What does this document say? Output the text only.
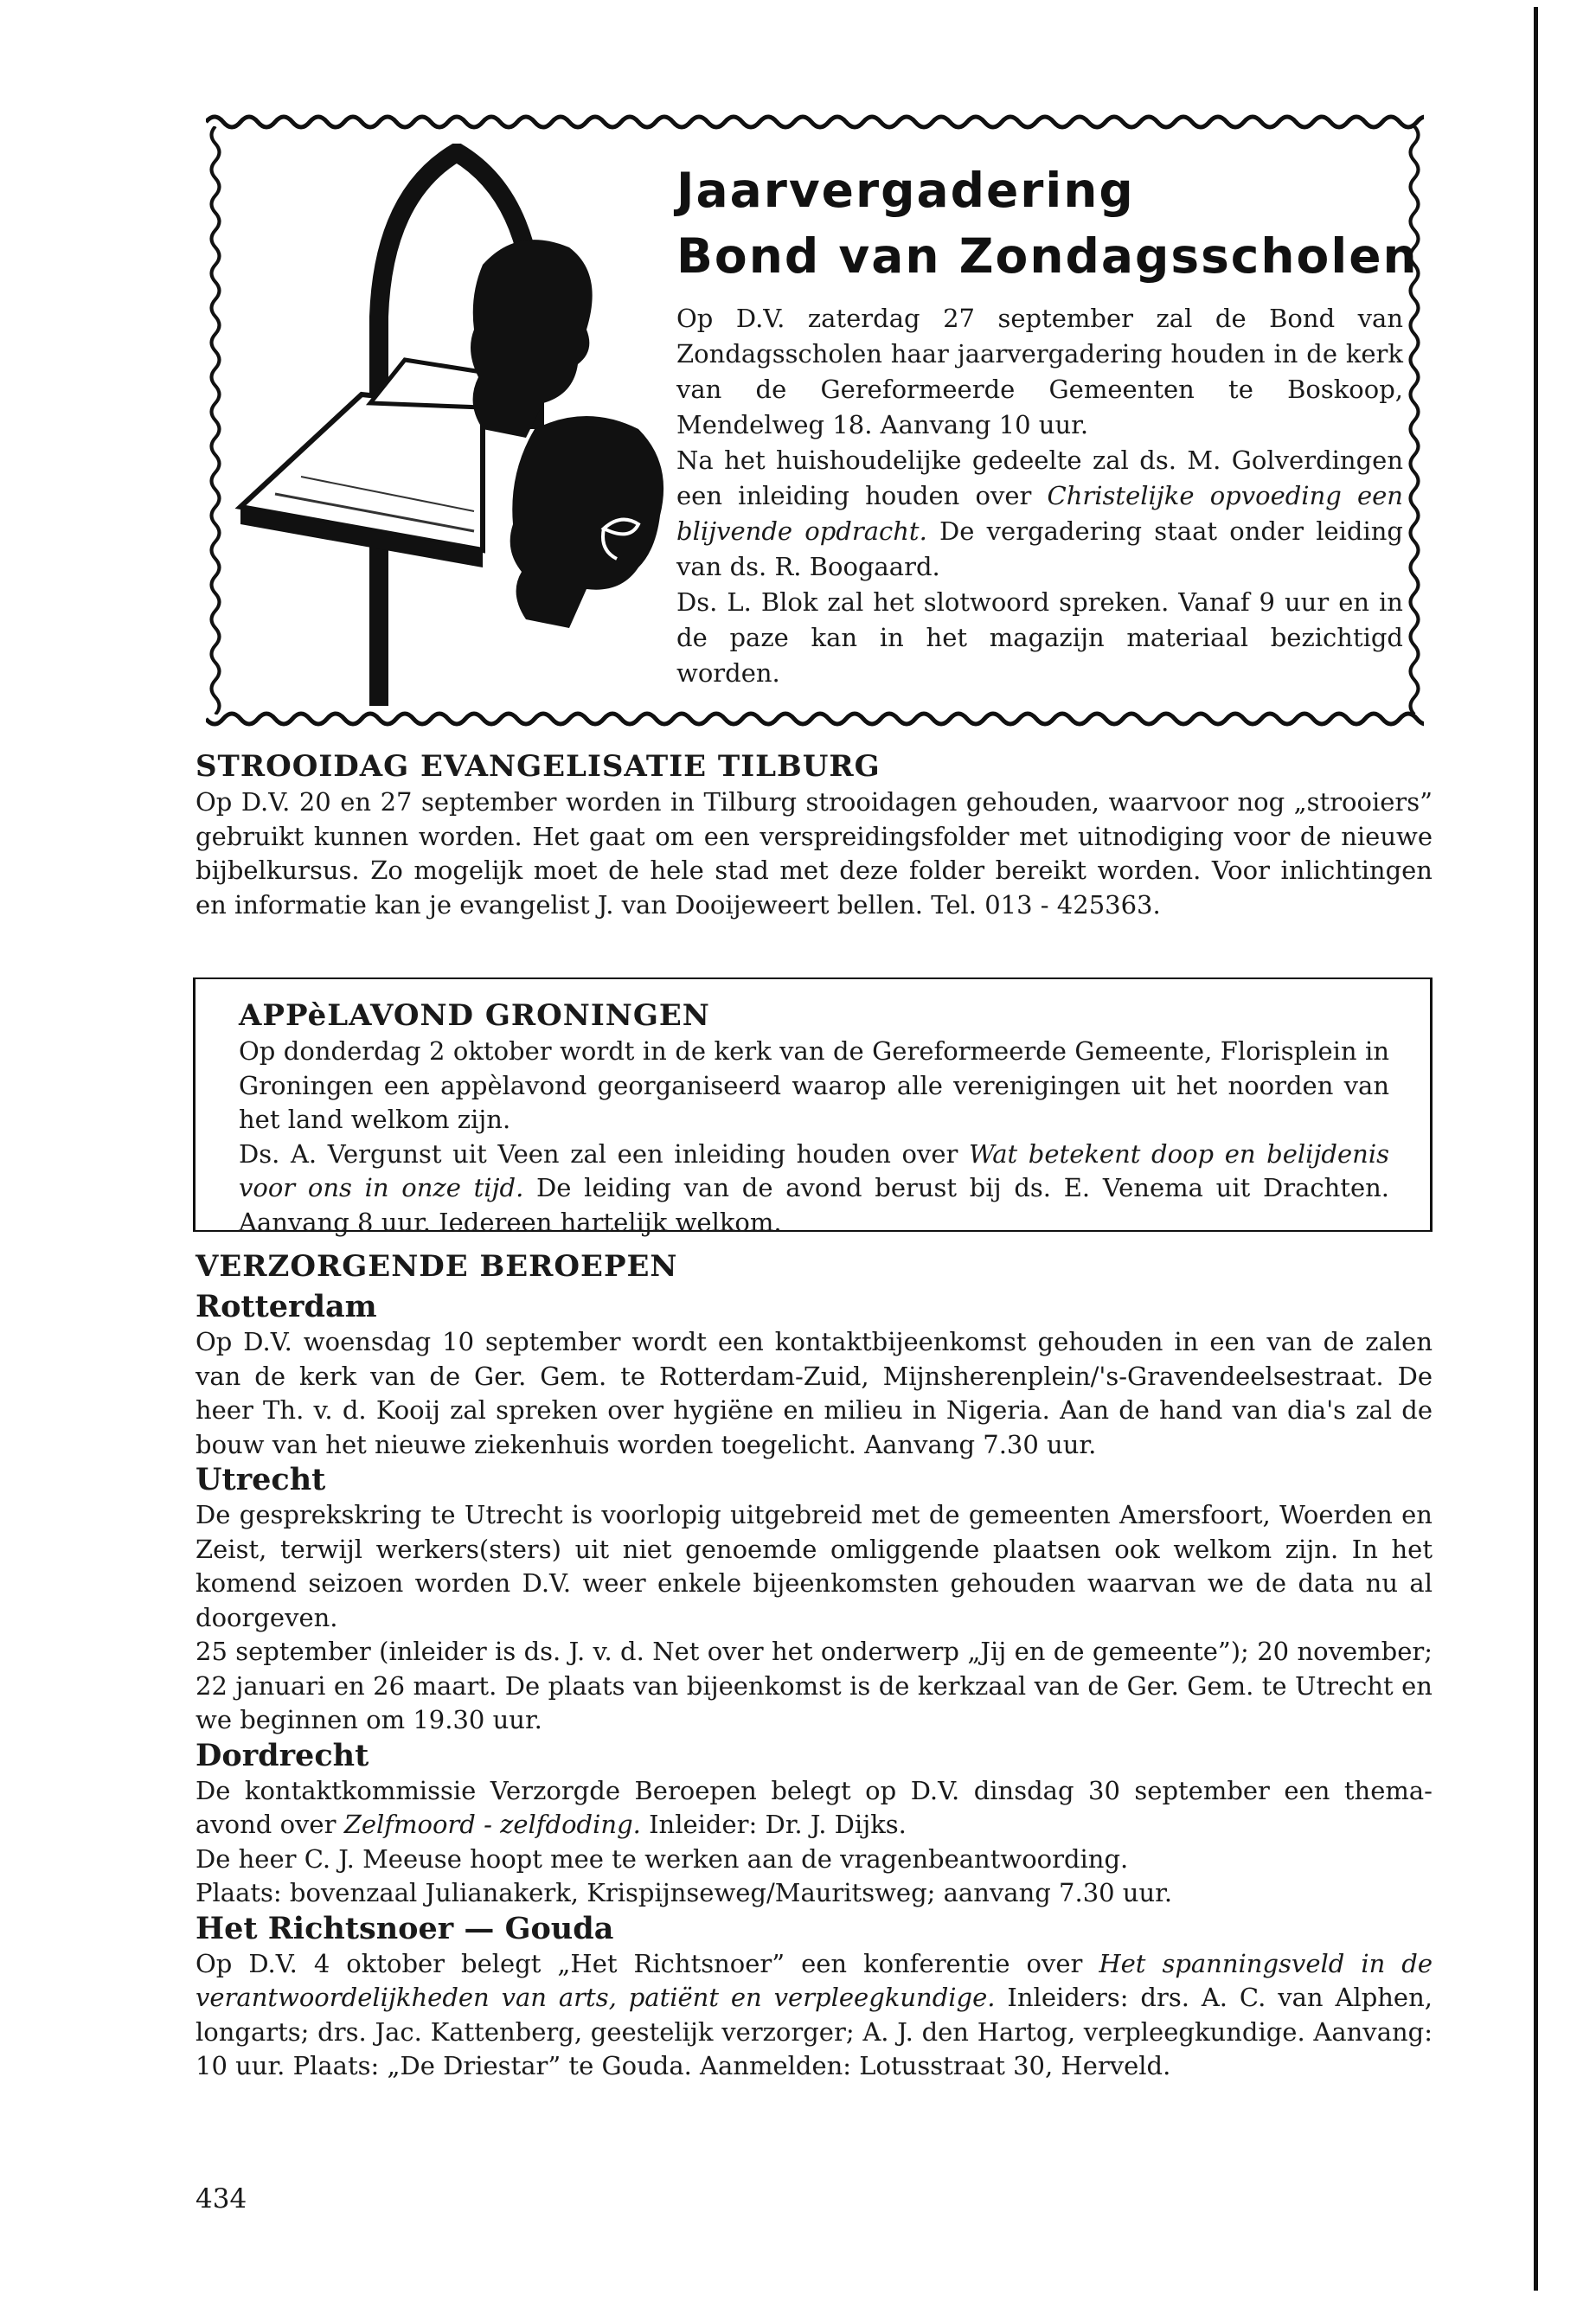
Jaarvergadering
Bond van Zondagsscholen

Op D.V. zaterdag 27 september zal de Bond van Zondagsscholen haar jaarvergadering houden in de kerk van de Gereformeerde Gemeenten te Boskoop, Mendelweg 18. Aanvang 10 uur.

Na het huishoudelijke gedeelte zal ds. M. Golverdingen een inleiding houden over Christelijke opvoeding een blijvende opdracht. De vergadering staat onder leiding van ds. R. Boogaard.

Ds. L. Blok zal het slotwoord spreken. Vanaf 9 uur en in de paze kan in het magazijn materiaal bezichtigd worden.

STROOIDAG EVANGELISATIE TILBURG

Op D.V. 20 en 27 september worden in Tilburg strooidagen gehouden, waarvoor nog „strooiers” gebruikt kunnen worden. Het gaat om een verspreidingsfolder met uitnodiging voor de nieuwe bijbelkursus. Zo mogelijk moet de hele stad met deze folder bereikt worden. Voor inlichtingen en informatie kan je evangelist J. van Dooijeweert bellen. Tel. 013 - 425363.

APPèLAVOND GRONINGEN

Op donderdag 2 oktober wordt in de kerk van de Gereformeerde Gemeente, Florisplein in Groningen een appèlavond georganiseerd waarop alle verenigingen uit het noorden van het land welkom zijn.

Ds. A. Vergunst uit Veen zal een inleiding houden over Wat betekent doop en belijdenis voor ons in onze tijd. De leiding van de avond berust bij ds. E. Venema uit Drachten. Aanvang 8 uur. Iedereen hartelijk welkom.

VERZORGENDE BEROEPEN
Rotterdam

Op D.V. woensdag 10 september wordt een kontaktbijeenkomst gehouden in een van de zalen van de kerk van de Ger. Gem. te Rotterdam-Zuid, Mijnsherenplein/'s-Gravendeelsestraat. De heer Th. v. d. Kooij zal spreken over hygiëne en milieu in Nigeria. Aan de hand van dia's zal de bouw van het nieuwe ziekenhuis worden toegelicht. Aanvang 7.30 uur.

Utrecht

De gesprekskring te Utrecht is voorlopig uitgebreid met de gemeenten Amersfoort, Woerden en Zeist, terwijl werkers(sters) uit niet genoemde omliggende plaatsen ook welkom zijn. In het komend seizoen worden D.V. weer enkele bijeenkomsten gehouden waarvan we de data nu al doorgeven.

25 september (inleider is ds. J. v. d. Net over het onderwerp „Jij en de gemeente”); 20 november; 22 januari en 26 maart. De plaats van bijeenkomst is de kerkzaal van de Ger. Gem. te Utrecht en we beginnen om 19.30 uur.

Dordrecht

De kontaktkommissie Verzorgde Beroepen belegt op D.V. dinsdag 30 september een thema-avond over Zelfmoord - zelfdoding. Inleider: Dr. J. Dijks.

De heer C. J. Meeuse hoopt mee te werken aan de vragenbeantwoording.

Plaats: bovenzaal Julianakerk, Krispijnseweg/Mauritsweg; aanvang 7.30 uur.

Het Richtsnoer — Gouda

Op D.V. 4 oktober belegt „Het Richtsnoer” een konferentie over Het spanningsveld in de verantwoordelijkheden van arts, patiënt en verpleegkundige. Inleiders: drs. A. C. van Alphen, longarts; drs. Jac. Kattenberg, geestelijk verzorger; A. J. den Hartog, verpleegkundige. Aanvang: 10 uur. Plaats: „De Driestar” te Gouda. Aanmelden: Lotusstraat 30, Herveld.

434
